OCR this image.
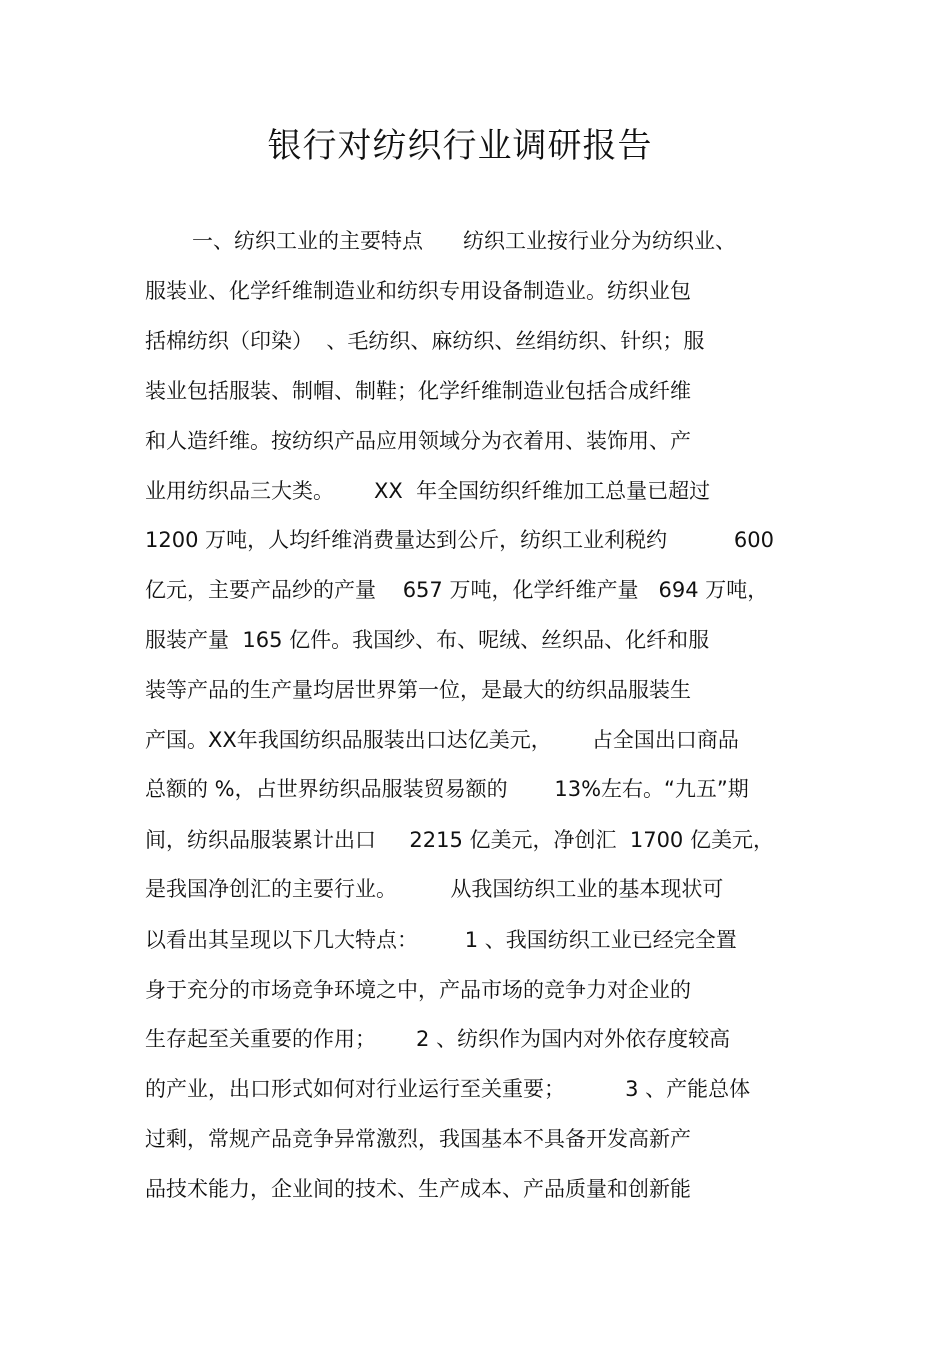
银行对纺织行业调研报告
一、纺织工业的主要特点      纺织工业按行业分为纺织业、
服装业、化学纤维制造业和纺织专用设备制造业。纺织业包
括棉纺织（印染）  、毛纺织、麻纺织、丝绢纺织、针织；服
装业包括服装、制帽、制鞋；化学纤维制造业包括合成纤维
和人造纤维。按纺织产品应用领域分为衣着用、装饰用、产
业用纺织品三大类。      XX  年全国纺织纤维加工总量已超过
1200 万吨，人均纤维消费量达到公斤，纺织工业利税约          600
亿元，主要产品纱的产量    657 万吨，化学纤维产量   694 万吨，
服装产量  165 亿件。我国纱、布、呢绒、丝织品、化纤和服
装等产品的生产量均居世界第一位，是最大的纺织品服装生
产国。XX年我国纺织品服装出口达亿美元，      占全国出口商品
总额的 %，占世界纺织品服装贸易额的       13%左右。“九五”期
间，纺织品服装累计出口     2215 亿美元，净创汇  1700 亿美元，
是我国净创汇的主要行业。        从我国纺织工业的基本现状可
以看出其呈现以下几大特点：       1 、我国纺织工业已经完全置
身于充分的市场竞争环境之中，产品市场的竞争力对企业的
生存起至关重要的作用；      2 、纺织作为国内对外依存度较高
的产业，出口形式如何对行业运行至关重要；         3 、产能总体
过剩，常规产品竞争异常激烈，我国基本不具备开发高新产
品技术能力，企业间的技术、生产成本、产品质量和创新能
